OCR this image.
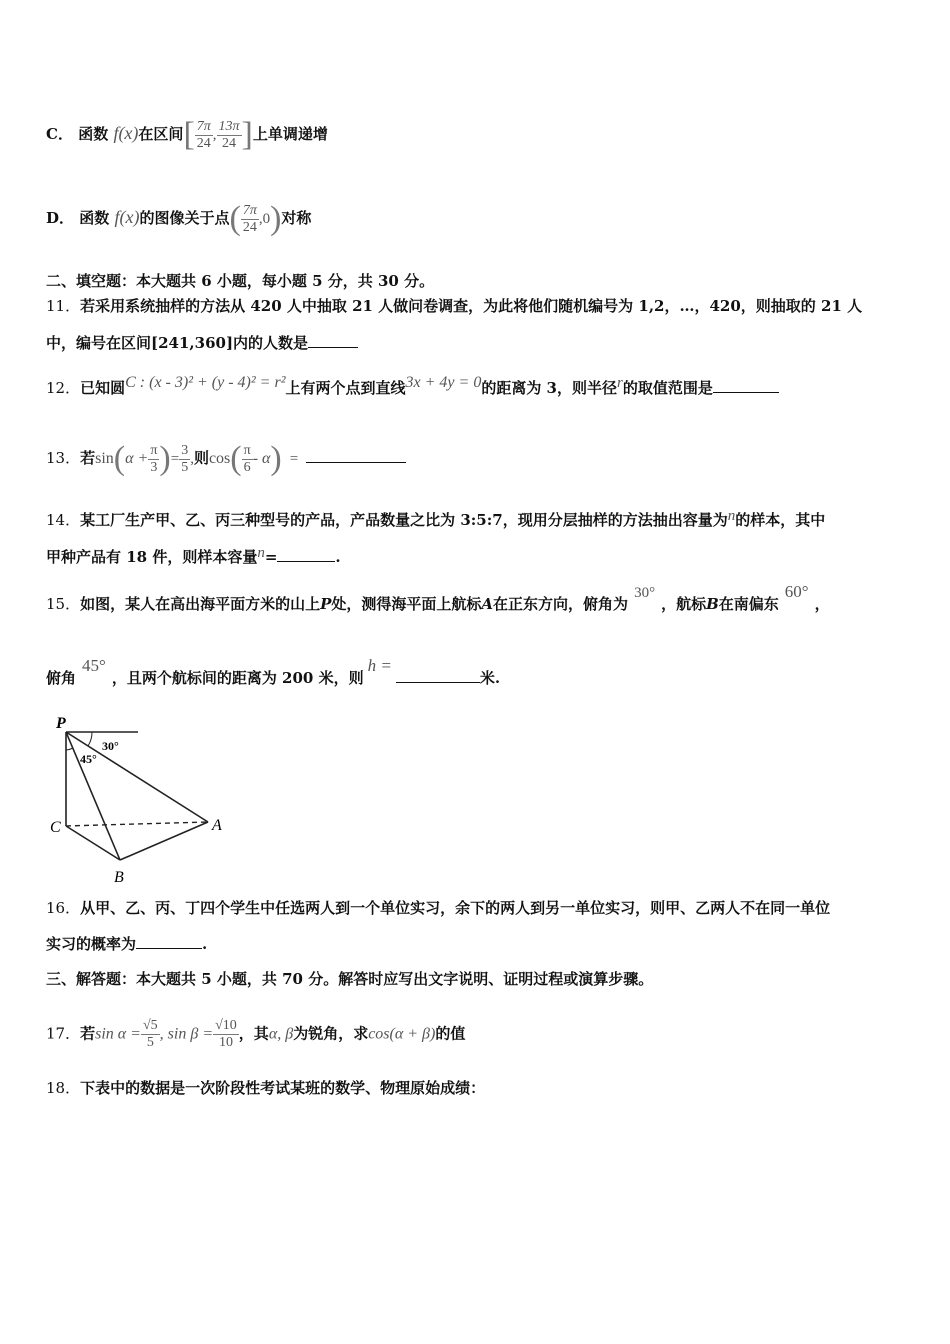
C． 函数 f(x)在区间[ $\frac{7\pi}{24}$ , $\frac{13\pi}{24}$ ]上单调递增
D． 函数 f(x)的图像关于点( $\frac{7\pi}{24} ,0$)对称
二、填空题：本大题共 6 小题，每小题 5 分，共 30 分。
11．若采用系统抽样的方法从 420 人中抽取 21 人做问卷调查，为此将他们随机编号为 1,2，…，420，则抽取的 21 人
中，编号在区间[241,360]内的人数是
12．已知圆C : (x - 3)² + (y - 4)² = r²上有两个点到直线3x + 4y = 0的距离为 3，则半径r的取值范围是
13．若$\sin(\alpha + \frac{\pi}{3}$ )= $\frac{3}{5}$ ,则$\cos( \frac{\pi}{6} - \alpha)$ =
14．某工厂生产甲、乙、丙三种型号的产品，产品数量之比为 3:5:7，现用分层抽样的方法抽出容量为n的样本，其中
甲种产品有 18 件，则样本容量n=	.
15．如图，某人在高出海平面方米的山上P处，测得海平面上航标A在正东方向，俯角为30°，航标B在南偏东60°，
俯角45°，且两个航标间的距离为 200 米，则h =米.
P
30°
45°
C	A
B
16．从甲、乙、丙、丁四个学生中任选两人到一个单位实习，余下的两人到另一单位实习，则甲、乙两人不在同一单位
实习的概率为	.
三、解答题：本大题共 5 小题，共 70 分。解答时应写出文字说明、证明过程或演算步骤。
17．若$\sin \alpha = \frac{√5}{5}$ , $\sin \beta = \frac{√10}{10}$ ，其α, β为锐角，求cos(α + β)的值
18．下表中的数据是一次阶段性考试某班的数学、物理原始成绩：
